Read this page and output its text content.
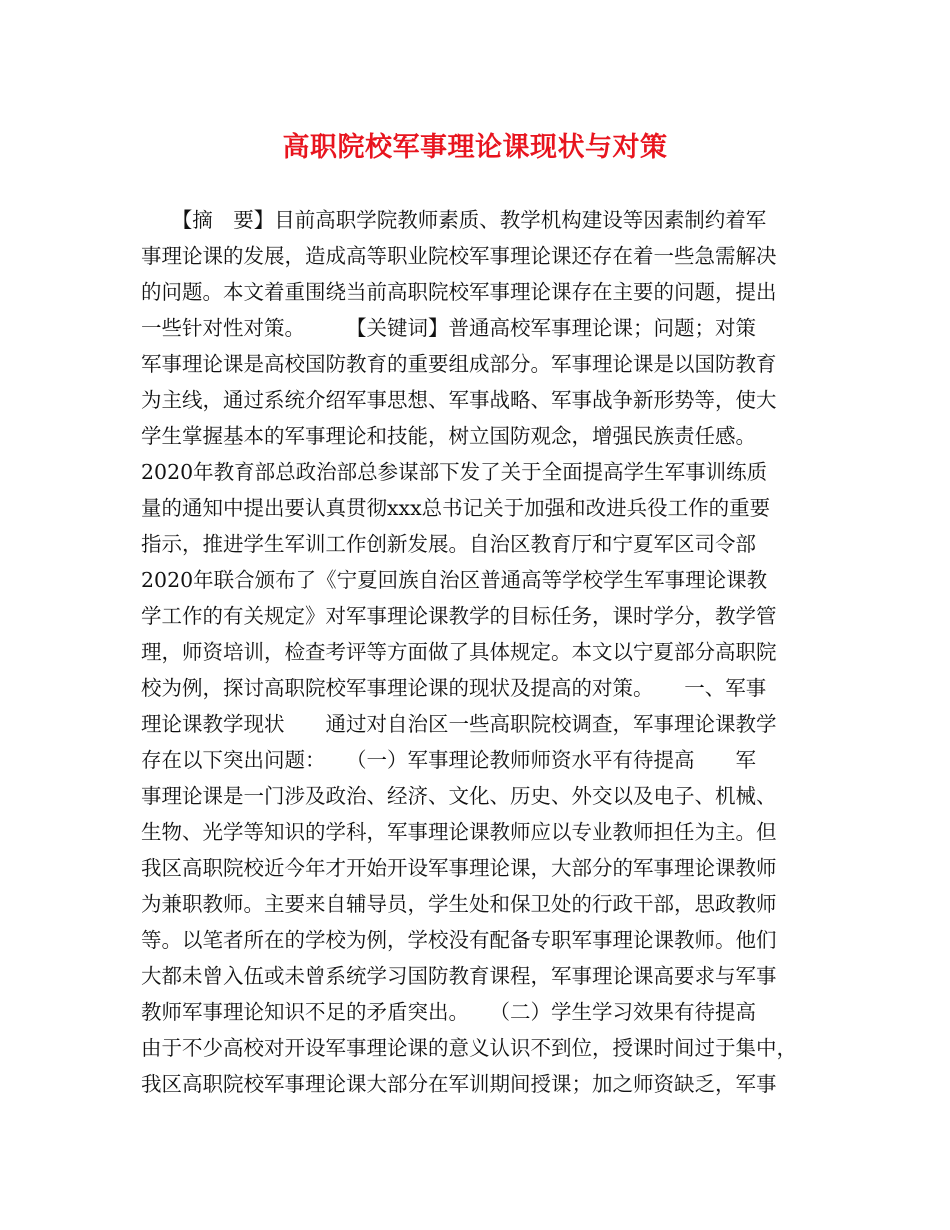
高职院校军事理论课现状与对策
　　【摘　要】目前高职学院教师素质、教学机构建设等因素制约着军
事理论课的发展，造成高等职业院校军事理论课还存在着一些急需解决
的问题。本文着重围绕当前高职院校军事理论课存在主要的问题，提出
一些针对性对策。　　　【关键词】普通高校军事理论课；问题；对策
军事理论课是高校国防教育的重要组成部分。军事理论课是以国防教育
为主线，通过系统介绍军事思想、军事战略、军事战争新形势等，使大
学生掌握基本的军事理论和技能，树立国防观念，增强民族责任感。
2020年教育部总政治部总参谋部下发了关于全面提高学生军事训练质
量的通知中提出要认真贯彻xxx总书记关于加强和改进兵役工作的重要
指示，推进学生军训工作创新发展。自治区教育厅和宁夏军区司令部
2020年联合颁布了《宁夏回族自治区普通高等学校学生军事理论课教
学工作的有关规定》对军事理论课教学的目标任务，课时学分，教学管
理，师资培训，检查考评等方面做了具体规定。本文以宁夏部分高职院
校为例，探讨高职院校军事理论课的现状及提高的对策。　　一、军事
理论课教学现状　　通过对自治区一些高职院校调查，军事理论课教学
存在以下突出问题：　　（一）军事理论教师师资水平有待提高　　军
事理论课是一门涉及政治、经济、文化、历史、外交以及电子、机械、
生物、光学等知识的学科，军事理论课教师应以专业教师担任为主。但
我区高职院校近今年才开始开设军事理论课，大部分的军事理论课教师
为兼职教师。主要来自辅导员，学生处和保卫处的行政干部，思政教师
等。以笔者所在的学校为例，学校没有配备专职军事理论课教师。他们
大都未曾入伍或未曾系统学习国防教育课程，军事理论课高要求与军事
教师军事理论知识不足的矛盾突出。　　（二）学生学习效果有待提高
由于不少高校对开设军事理论课的意义认识不到位，授课时间过于集中，
我区高职院校军事理论课大部分在军训期间授课；加之师资缺乏，军事
